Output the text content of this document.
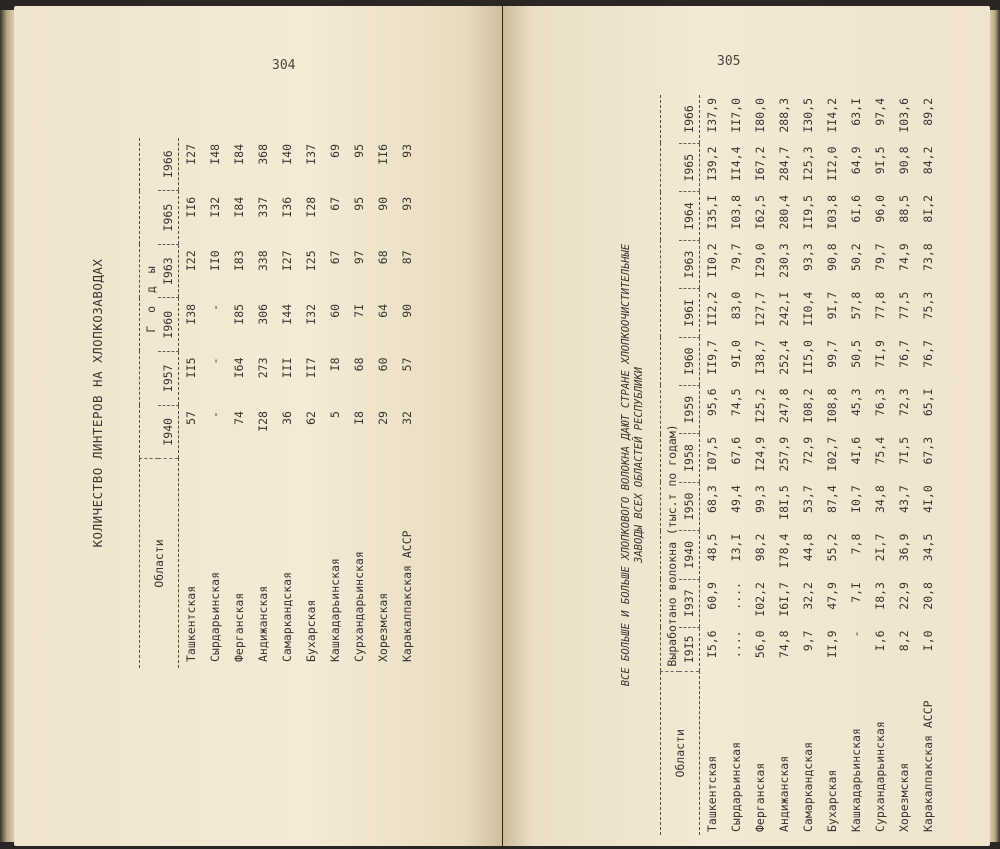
304	305
КОЛИЧЕСТВО ЛИНТЕРОВ НА ХЛОПКОЗАВОДАХ
Области	Г о д ы					
	I940	I957	I960	I963	I965	I966
Ташкентская	57	II5	I38	I22	II6	I27
Сырдарьинская	-	-	-	II0	I32	I48
Ферганская	74	I64	I85	I83	I84	I84
Андижанская	I28	273	306	338	337	368
Самаркандская	36	III	I44	I27	I36	I40
Бухарская	62	II7	I32	I25	I28	I37
Кашкадарьинская	5	I8	60	67	67	69
Сурхандарьинская	I8	68	7I	97	95	95
Хорезмская	29	60	64	68	90	II6
Каракалпакская АССР	32	57	90	87	93	93
ВСЕ БОЛЬШЕ И БОЛЬШЕ ХЛОПКОВОГО ВОЛОКНА ДАЮТ СТРАНЕ ХЛОПКООЧИСТИТЕЛЬНЫЕ ЗАВОДЫ ВСЕХ ОБЛАСТЕЙ РЕСПУБЛИКИ
Области	Выработано волокна (тыс.т по годам)											
	I9I5	I937	I940	I950	I958	I959	I960	I96I	I963	I964	I965	I966
Ташкентская	I5,6	60,9	48,5	68,3	I07,5	95,6	II9,7	II2,2	II0,2	I35,I	I39,2	I37,9
Сырдарьинская	....	....	I3,I	49,4	67,6	74,5	9I,0	83,0	79,7	I03,8	II4,4	II7,0
Ферганская	56,0	I02,2	98,2	99,3	I24,9	I25,2	I38,7	I27,7	I29,0	I62,5	I67,2	I80,0
Андижанская	74,8	I6I,7	I78,4	I8I,5	257,9	247,8	252,4	242,I	230,3	280,4	284,7	288,3
Самаркандская	9,7	32,2	44,8	53,7	72,9	I08,2	II5,0	II0,4	93,3	II9,5	I25,3	I30,5
Бухарская	II,9	47,9	55,2	87,4	I02,7	I08,8	99,7	9I,7	90,8	I03,8	II2,0	II4,2
Кашкадарьинская	-	7,I	7,8	I0,7	4I,6	45,3	50,5	57,8	50,2	6I,6	64,9	63,I
Сурхандарьинская	I,6	I8,3	2I,7	34,8	75,4	76,3	7I,9	77,8	79,7	96,0	9I,5	97,4
Хорезмская	8,2	22,9	36,9	43,7	7I,5	72,3	76,7	77,5	74,9	88,5	90,8	I03,6
Каракалпакская АССР	I,0	20,8	34,5	4I,0	67,3	65,I	76,7	75,3	73,8	8I,2	84,2	89,2
